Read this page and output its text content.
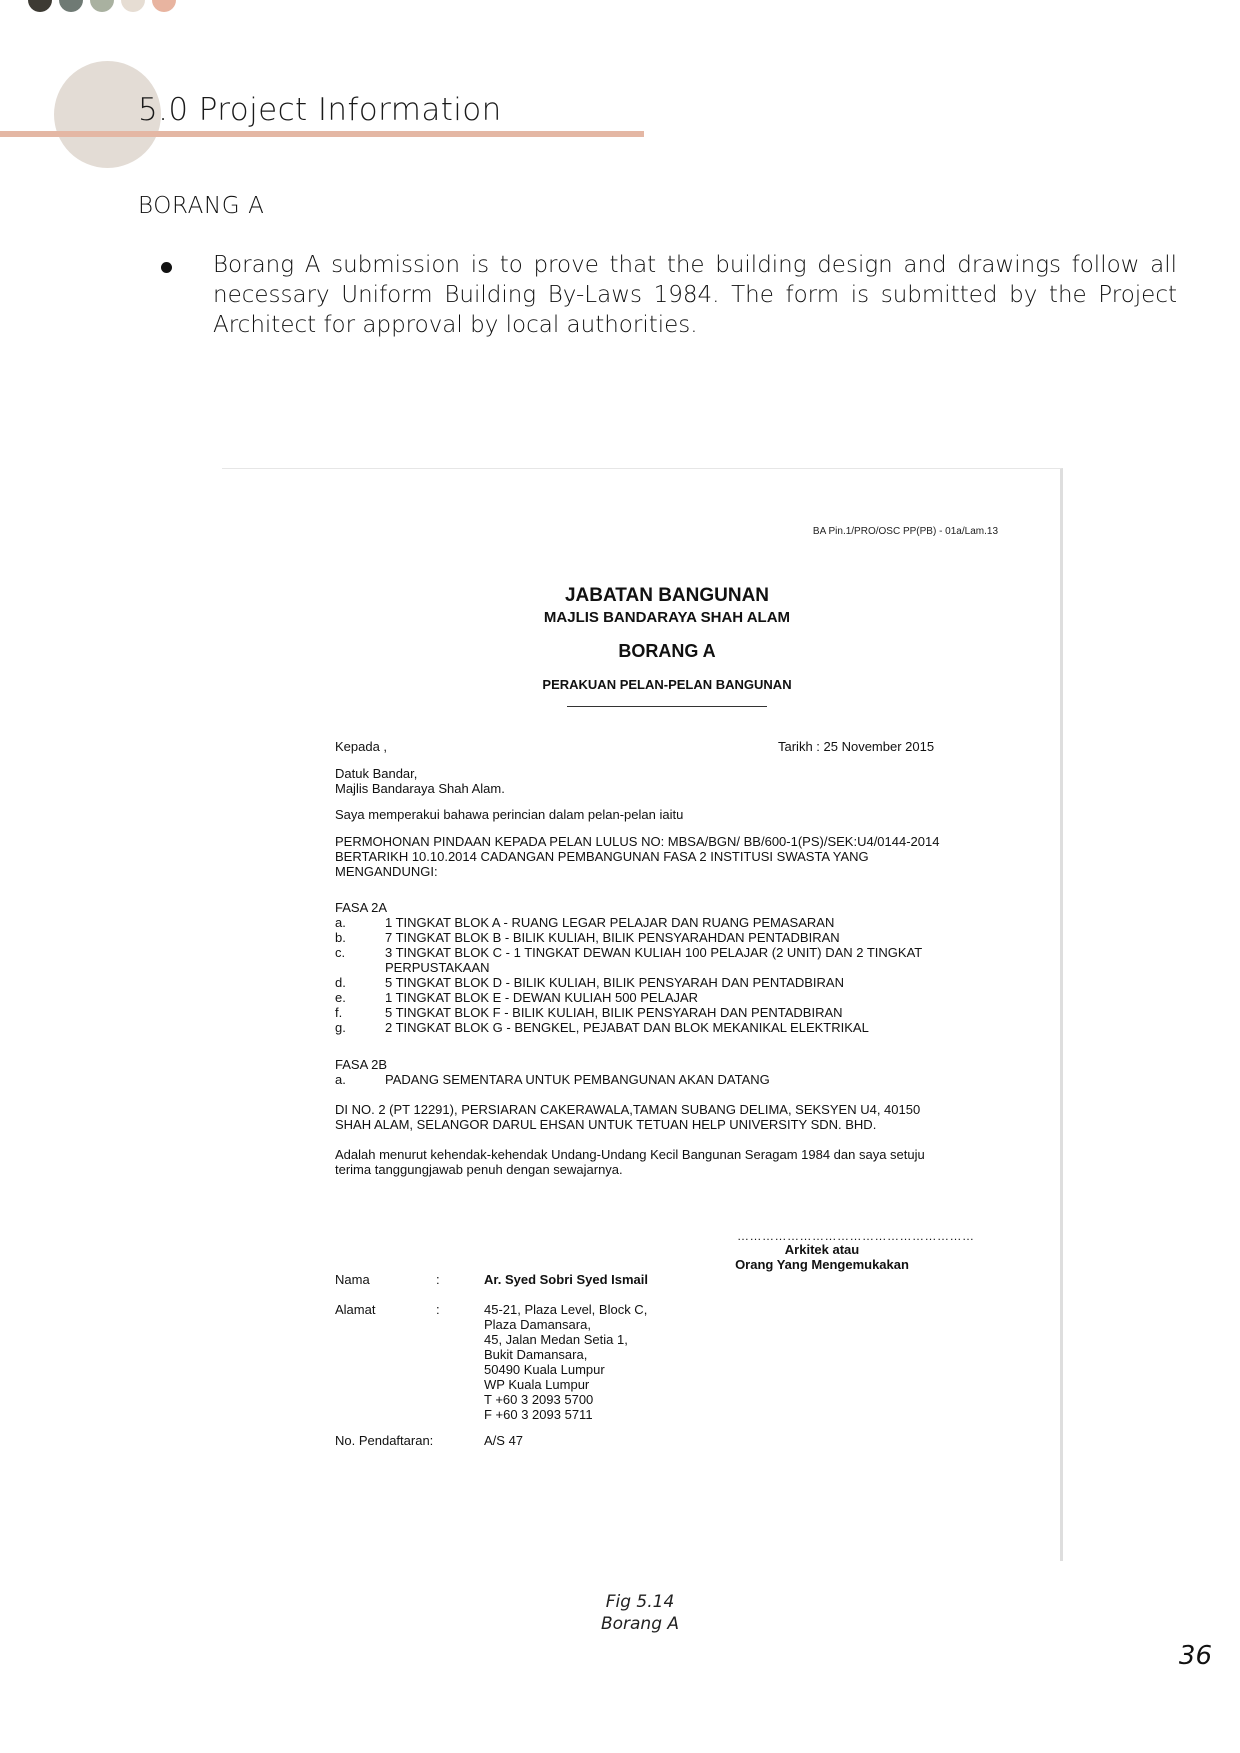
5.0 Project Information
BORANG A

Borang A submission is to prove that the building design and drawings follow all necessary Uniform Building By-Laws 1984. The form is submitted by the Project Architect for approval by local authorities.

BA Pin.1/PRO/OSC PP(PB) - 01a/Lam.13
JABATAN BANGUNAN
MAJLIS BANDARAYA SHAH ALAM
BORANG A
PERAKUAN PELAN-PELAN BANGUNAN
Kepada ,	Tarikh : 25 November 2015
Datuk Bandar,
Majlis Bandaraya Shah Alam.
Saya memperakui bahawa perincian dalam pelan-pelan iaitu
PERMOHONAN PINDAAN KEPADA PELAN LULUS NO: MBSA/BGN/ BB/600-1(PS)/SEK:U4/0144-2014
BERTARIKH 10.10.2014 CADANGAN PEMBANGUNAN FASA 2 INSTITUSI SWASTA YANG
MENGANDUNGI:
FASA 2A
a.	1 TINGKAT BLOK A - RUANG LEGAR PELAJAR DAN RUANG PEMASARAN
b.	7 TINGKAT BLOK B - BILIK KULIAH, BILIK PENSYARAHDAN PENTADBIRAN
c.	3 TINGKAT BLOK C - 1 TINGKAT DEWAN KULIAH 100 PELAJAR (2 UNIT) DAN 2 TINGKAT
PERPUSTAKAAN
d.	5 TINGKAT BLOK D - BILIK KULIAH, BILIK PENSYARAH DAN PENTADBIRAN
e.	1 TINGKAT BLOK E - DEWAN KULIAH 500 PELAJAR
f.	5 TINGKAT BLOK F - BILIK KULIAH, BILIK PENSYARAH DAN PENTADBIRAN
g.	2 TINGKAT BLOK G - BENGKEL, PEJABAT DAN BLOK MEKANIKAL ELEKTRIKAL
FASA 2B
a.	PADANG SEMENTARA UNTUK PEMBANGUNAN AKAN DATANG
DI NO. 2 (PT 12291), PERSIARAN CAKERAWALA,TAMAN SUBANG DELIMA, SEKSYEN U4, 40150
SHAH ALAM, SELANGOR DARUL EHSAN UNTUK TETUAN HELP UNIVERSITY SDN. BHD.
Adalah menurut kehendak-kehendak Undang-Undang Kecil Bangunan Seragam 1984 dan saya setuju
terima tanggungjawab penuh dengan sewajarnya.
…………………………………………………
Arkitek atau
Orang Yang Mengemukakan
Nama	:	Ar. Syed Sobri Syed Ismail
Alamat	:	45-21, Plaza Level, Block C,
Plaza Damansara,
45, Jalan Medan Setia 1,
Bukit Damansara,
50490 Kuala Lumpur
WP Kuala Lumpur
T +60 3 2093 5700
F +60 3 2093 5711
No. Pendaftaran:	A/S 47
Fig 5.14
Borang A
36
